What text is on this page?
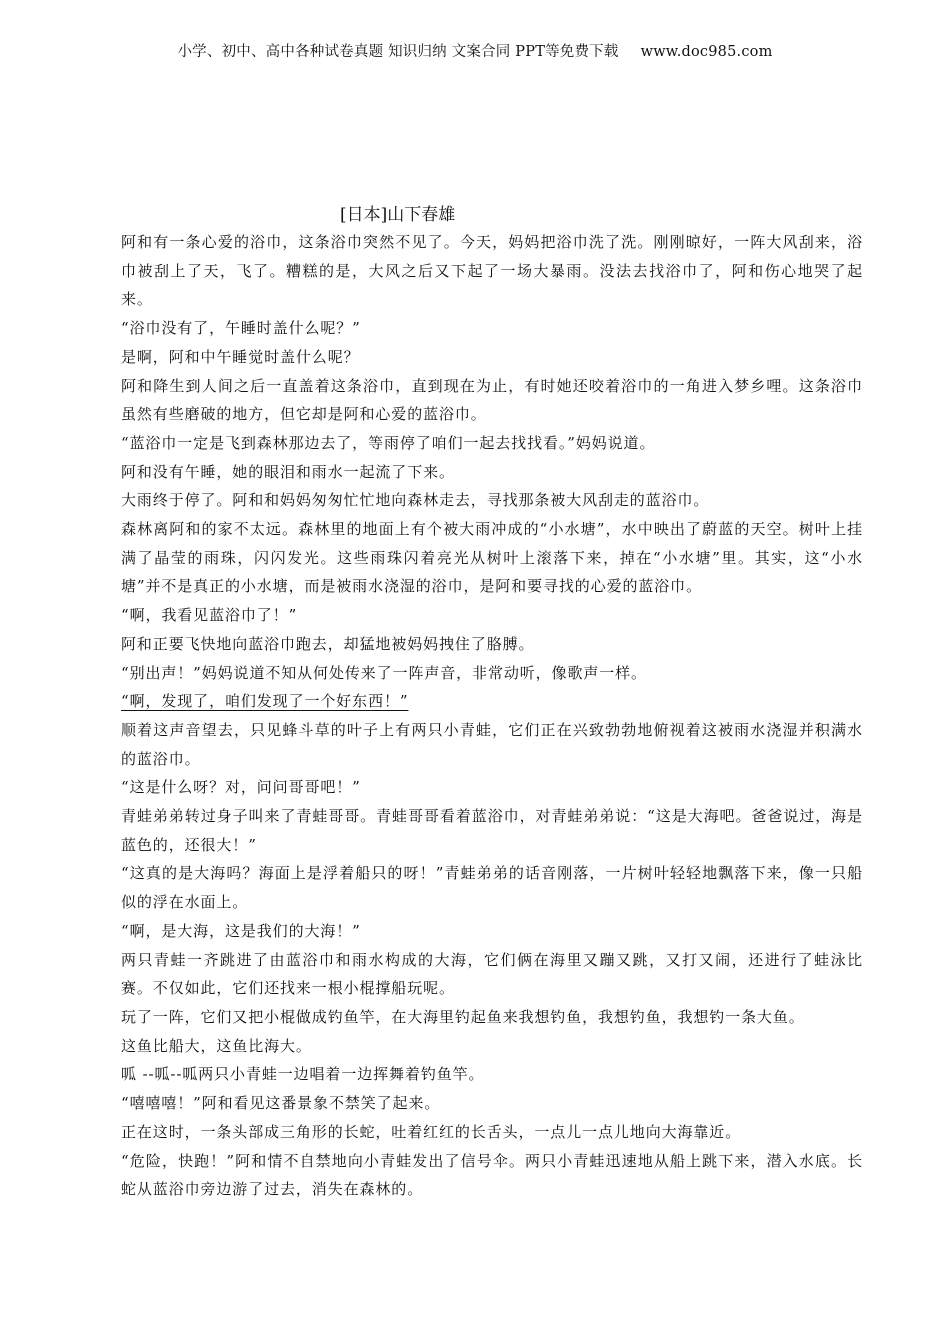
小学、初中、高中各种试卷真题 知识归纳 文案合同 PPT等免费下载 www.doc985.com
[日本]山下春雄

阿和有一条心爱的浴巾，这条浴巾突然不见了。今天，妈妈把浴巾洗了洗。刚刚晾好，一阵大风刮来，浴巾被刮上了天，飞了。糟糕的是，大风之后又下起了一场大暴雨。没法去找浴巾了，阿和伤心地哭了起来。

“浴巾没有了，午睡时盖什么呢？”

是啊，阿和中午睡觉时盖什么呢？

阿和降生到人间之后一直盖着这条浴巾，直到现在为止，有时她还咬着浴巾的一角进入梦乡哩。这条浴巾虽然有些磨破的地方，但它却是阿和心爱的蓝浴巾。

“蓝浴巾一定是飞到森林那边去了，等雨停了咱们一起去找找看。”妈妈说道。

阿和没有午睡，她的眼泪和雨水一起流了下来。

大雨终于停了。阿和和妈妈匆匆忙忙地向森林走去，寻找那条被大风刮走的蓝浴巾。

森林离阿和的家不太远。森林里的地面上有个被大雨冲成的“小水塘”，水中映出了蔚蓝的天空。树叶上挂满了晶莹的雨珠，闪闪发光。这些雨珠闪着亮光从树叶上滚落下来，掉在“小水塘”里。其实，这“小水塘”并不是真正的小水塘，而是被雨水浇湿的浴巾，是阿和要寻找的心爱的蓝浴巾。

“啊，我看见蓝浴巾了！”

阿和正要飞快地向蓝浴巾跑去，却猛地被妈妈拽住了胳膊。

“别出声！”妈妈说道不知从何处传来了一阵声音，非常动听，像歌声一样。

“啊，发现了，咱们发现了一个好东西！”

顺着这声音望去，只见蜂斗草的叶子上有两只小青蛙，它们正在兴致勃勃地俯视着这被雨水浇湿并积满水的蓝浴巾。

“这是什么呀？对，问问哥哥吧！”

青蛙弟弟转过身子叫来了青蛙哥哥。青蛙哥哥看着蓝浴巾，对青蛙弟弟说：“这是大海吧。爸爸说过，海是蓝色的，还很大！”

“这真的是大海吗？海面上是浮着船只的呀！”青蛙弟弟的话音刚落，一片树叶轻轻地飘落下来，像一只船似的浮在水面上。

“啊，是大海，这是我们的大海！”

两只青蛙一齐跳进了由蓝浴巾和雨水构成的大海，它们俩在海里又蹦又跳，又打又闹，还进行了蛙泳比赛。不仅如此，它们还找来一根小棍撑船玩呢。

玩了一阵，它们又把小棍做成钓鱼竿，在大海里钓起鱼来我想钓鱼，我想钓鱼，我想钓一条大鱼。

这鱼比船大，这鱼比海大。

呱 --呱--呱两只小青蛙一边唱着一边挥舞着钓鱼竿。

“嘻嘻嘻！”阿和看见这番景象不禁笑了起来。

正在这时，一条头部成三角形的长蛇，吐着红红的长舌头，一点儿一点儿地向大海靠近。

“危险，快跑！”阿和情不自禁地向小青蛙发出了信号伞。两只小青蛙迅速地从船上跳下来，潜入水底。长蛇从蓝浴巾旁边游了过去，消失在森林的。
